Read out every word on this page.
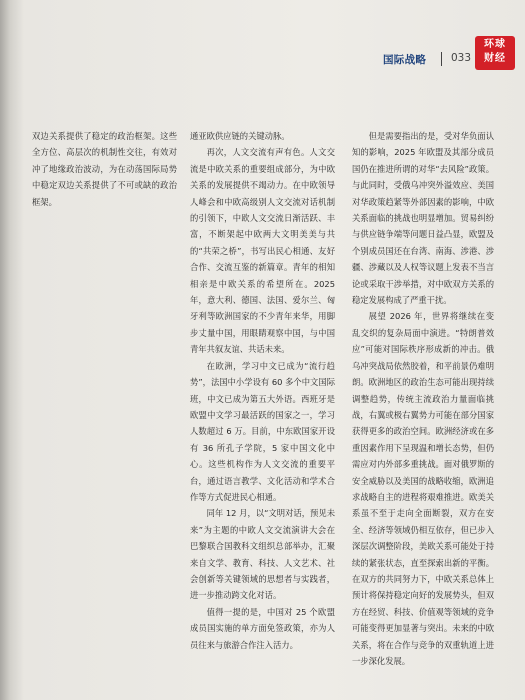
国际战略 033
环球
财经

双边关系提供了稳定的政治框架。这些全方位、高层次的机制性交往，有效对冲了地缘政治波动，为在动荡国际局势中稳定双边关系提供了不可或缺的政治框架。

通亚欧供应链的关键动脉。

再次，人文交流有声有色。人文交流是中欧关系的重要组成部分，为中欧关系的发展提供不竭动力。在中欧领导人峰会和中欧高级别人文交流对话机制的引领下，中欧人文交流日渐活跃、丰富，不断架起中欧两大文明美美与共的“共荣之桥”，书写出民心相通、友好合作、交流互鉴的新篇章。青年的相知相亲是中欧关系的希望所在。2025 年，意大利、德国、法国、爱尔兰、匈牙利等欧洲国家的不少青年来华，用脚步丈量中国，用眼睛观察中国，与中国青年共叙友谊、共话未来。

在欧洲，学习中文已成为“流行趋势”，法国中小学设有 60 多个中文国际班，中文已成为第五大外语。西班牙是欧盟中文学习最活跃的国家之一，学习人数超过 6 万。目前，中东欧国家开设有 36 所孔子学院，5 家中国文化中心。这些机构作为人文交流的重要平台，通过语言教学、文化活动和学术合作等方式促进民心相通。

同年 12 月，以“文明对话，预见未来”为主题的中欧人文交流演讲大会在巴黎联合国教科文组织总部举办，汇聚来自文学、教育、科技、人文艺术、社会创新等关键领域的思想者与实践者，进一步推动跨文化对话。

值得一提的是，中国对 25 个欧盟成员国实施的单方面免签政策，亦为人员往来与旅游合作注入活力。

但是需要指出的是，受对华负面认知的影响，2025 年欧盟及其部分成员国仍在推进所谓的对华“去风险”政策。与此同时，受俄乌冲突外溢效应、美国对华政策趋紧等外部因素的影响，中欧关系面临的挑战也明显增加。贸易纠纷与供应链争端等问题日益凸显，欧盟及个别成员国还在台湾、南海、涉港、涉疆、涉藏以及人权等议题上发表不当言论或采取干涉举措，对中欧双方关系的稳定发展构成了严重干扰。

展望 2026 年，世界将继续在变乱交织的复杂局面中演进。“特朗普效应”可能对国际秩序形成新的冲击。俄乌冲突战局依然胶着，和平前景仍难明朗。欧洲地区的政治生态可能出现持续调整趋势，传统主流政治力量面临挑战，右翼或极右翼势力可能在部分国家获得更多的政治空间。欧洲经济或在多重因素作用下呈现温和增长态势，但仍需应对内外部多重挑战。面对俄罗斯的安全威胁以及美国的战略收缩，欧洲追求战略自主的进程将艰难推进。欧美关系虽不至于走向全面断裂，双方在安全、经济等领域仍相互依存，但已步入深层次调整阶段，美欧关系可能处于持续的紧张状态，直至探索出新的平衡。在双方的共同努力下，中欧关系总体上预计将保持稳定向好的发展势头，但双方在经贸、科技、价值观等领域的竞争可能变得更加显著与突出。未来的中欧关系，将在合作与竞争的双重轨道上进一步深化发展。
